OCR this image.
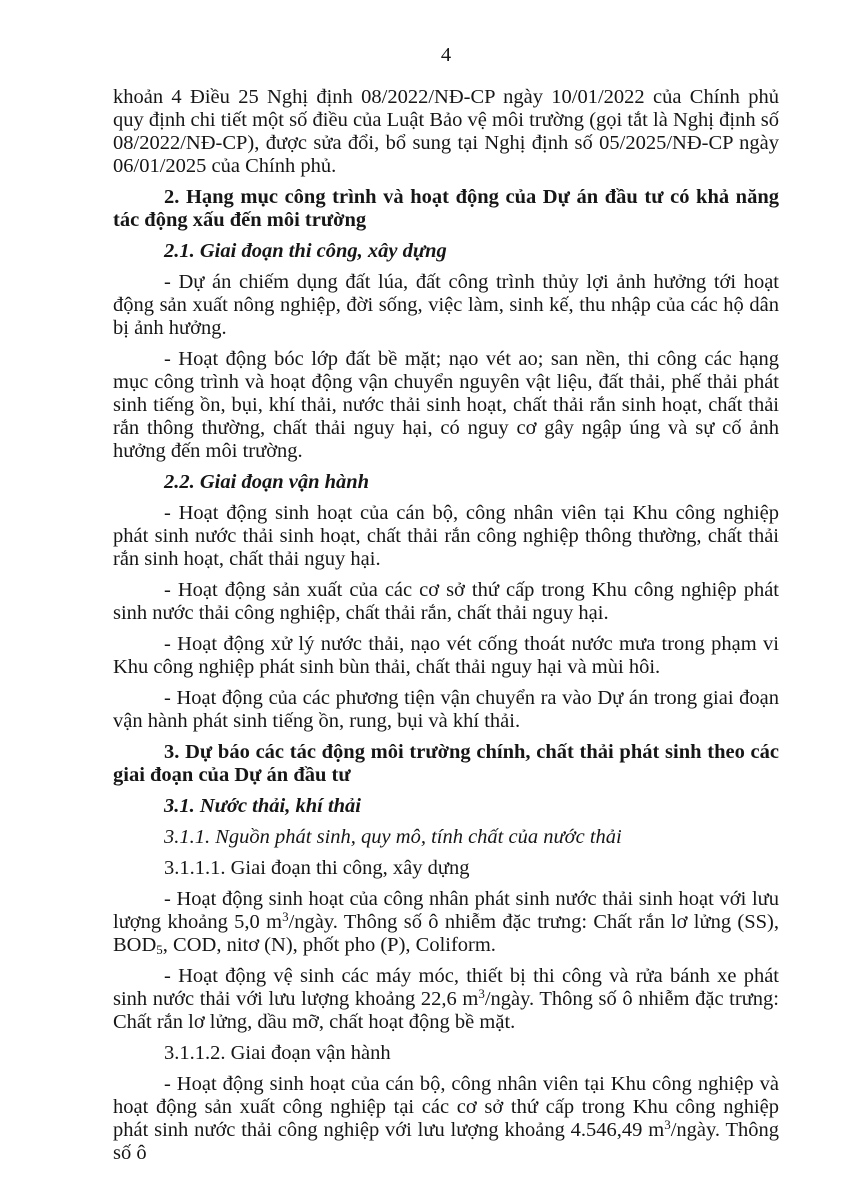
4

khoản 4 Điều 25 Nghị định 08/2022/NĐ-CP ngày 10/01/2022 của Chính phủ quy định chi tiết một số điều của Luật Bảo vệ môi trường (gọi tắt là Nghị định số 08/2022/NĐ-CP), được sửa đổi, bổ sung tại Nghị định số 05/2025/NĐ-CP ngày 06/01/2025 của Chính phủ.

2. Hạng mục công trình và hoạt động của Dự án đầu tư có khả năng tác động xấu đến môi trường

2.1. Giai đoạn thi công, xây dựng

- Dự án chiếm dụng đất lúa, đất công trình thủy lợi ảnh hưởng tới hoạt động sản xuất nông nghiệp, đời sống, việc làm, sinh kế, thu nhập của các hộ dân bị ảnh hưởng.

- Hoạt động bóc lớp đất bề mặt; nạo vét ao; san nền, thi công các hạng mục công trình và hoạt động vận chuyển nguyên vật liệu, đất thải, phế thải phát sinh tiếng ồn, bụi, khí thải, nước thải sinh hoạt, chất thải rắn sinh hoạt, chất thải rắn thông thường, chất thải nguy hại, có nguy cơ gây ngập úng và sự cố ảnh hưởng đến môi trường.

2.2. Giai đoạn vận hành

- Hoạt động sinh hoạt của cán bộ, công nhân viên tại Khu công nghiệp phát sinh nước thải sinh hoạt, chất thải rắn công nghiệp thông thường, chất thải rắn sinh hoạt, chất thải nguy hại.

- Hoạt động sản xuất của các cơ sở thứ cấp trong Khu công nghiệp phát sinh nước thải công nghiệp, chất thải rắn, chất thải nguy hại.

- Hoạt động xử lý nước thải, nạo vét cống thoát nước mưa trong phạm vi Khu công nghiệp phát sinh bùn thải, chất thải nguy hại và mùi hôi.

- Hoạt động của các phương tiện vận chuyển ra vào Dự án trong giai đoạn vận hành phát sinh tiếng ồn, rung, bụi và khí thải.

3. Dự báo các tác động môi trường chính, chất thải phát sinh theo các giai đoạn của Dự án đầu tư

3.1. Nước thải, khí thải

3.1.1. Nguồn phát sinh, quy mô, tính chất của nước thải

3.1.1.1. Giai đoạn thi công, xây dựng

- Hoạt động sinh hoạt của công nhân phát sinh nước thải sinh hoạt với lưu lượng khoảng 5,0 $m^3$/ngày. Thông số ô nhiễm đặc trưng: Chất rắn lơ lửng (SS), $BOD_5$, COD, nitơ (N), phốt pho (P), Coliform.

- Hoạt động vệ sinh các máy móc, thiết bị thi công và rửa bánh xe phát sinh nước thải với lưu lượng khoảng 22,6 $m^3$/ngày. Thông số ô nhiễm đặc trưng: Chất rắn lơ lửng, dầu mỡ, chất hoạt động bề mặt.

3.1.1.2. Giai đoạn vận hành

- Hoạt động sinh hoạt của cán bộ, công nhân viên tại Khu công nghiệp và hoạt động sản xuất công nghiệp tại các cơ sở thứ cấp trong Khu công nghiệp phát sinh nước thải công nghiệp với lưu lượng khoảng 4.546,49 $m^3$/ngày. Thông số ô
